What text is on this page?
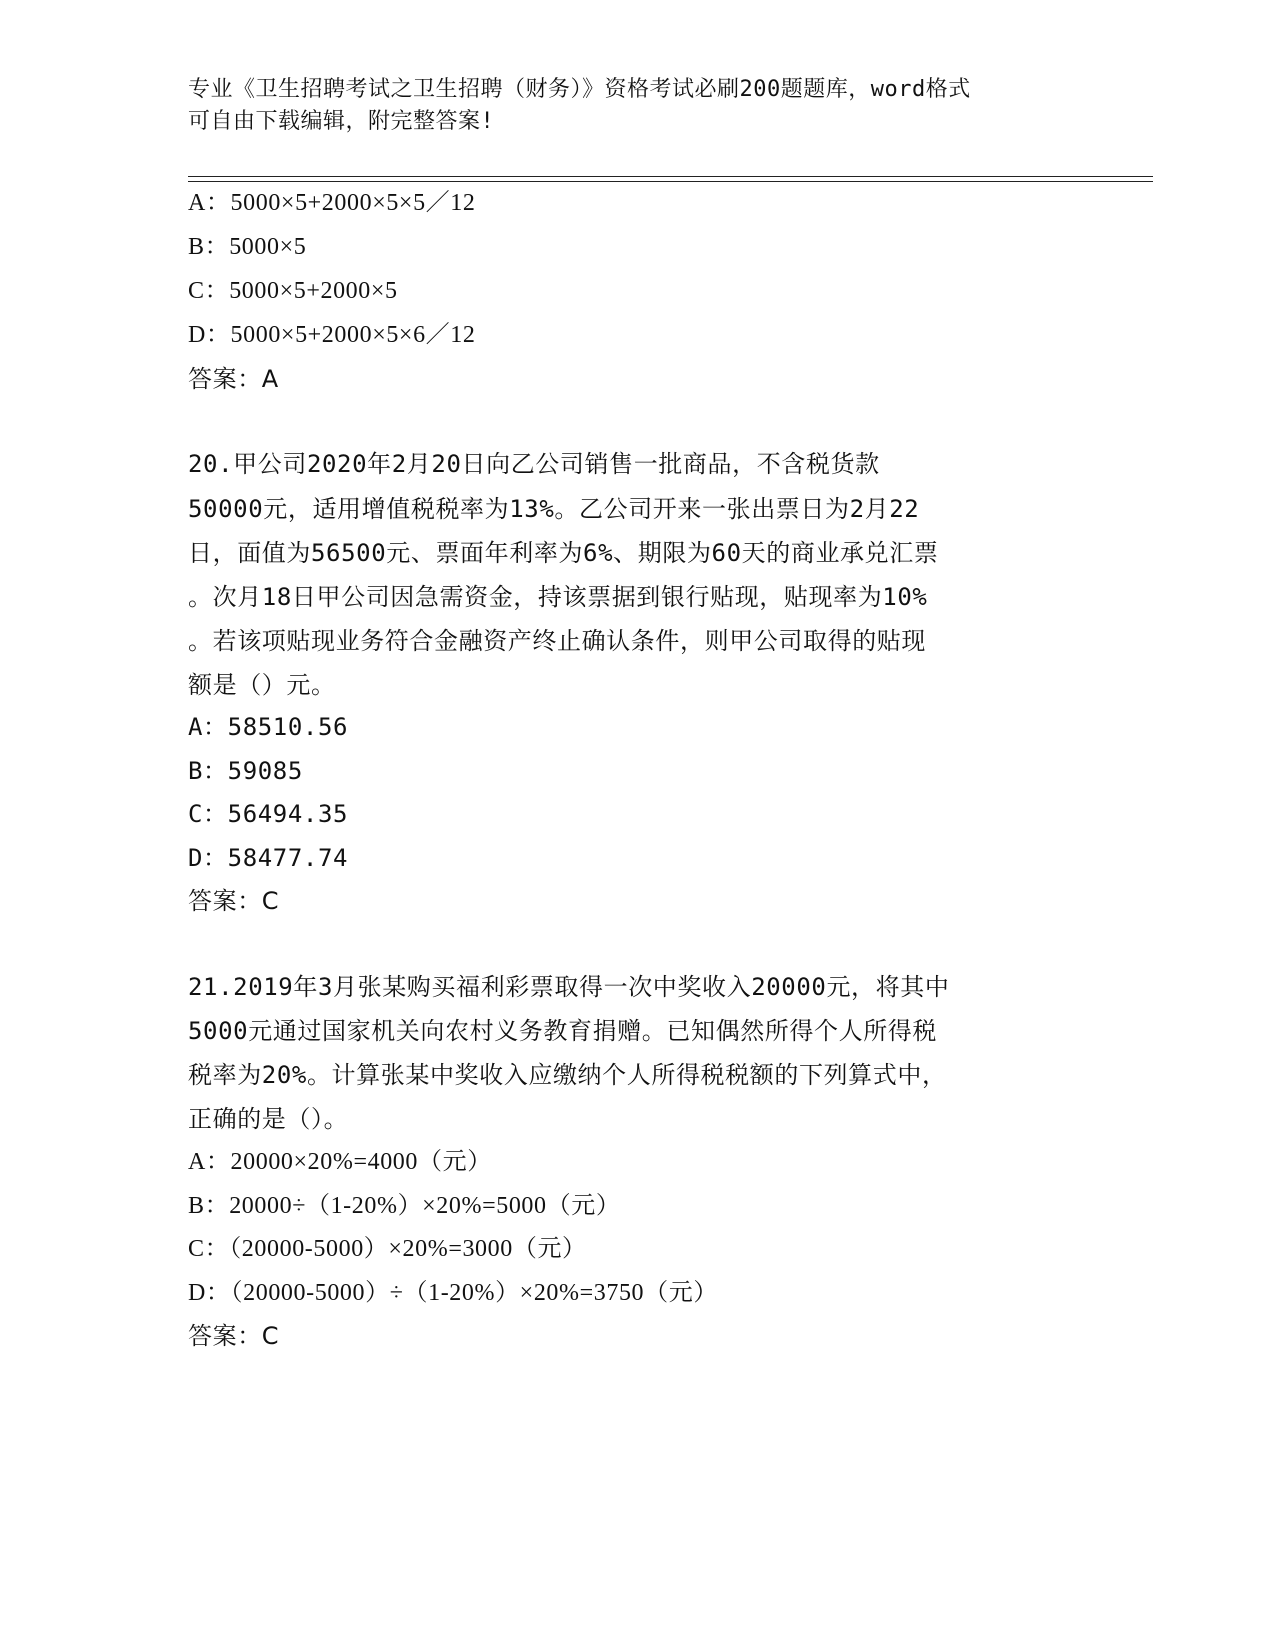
专业《卫生招聘考试之卫生招聘（财务）》资格考试必刷200题题库，word格式
可自由下载编辑，附完整答案!
A：5000×5+2000×5×5／12
B：5000×5
C：5000×5+2000×5
D：5000×5+2000×5×6／12
答案：A
20.甲公司2020年2月20日向乙公司销售一批商品，不含税货款
50000元，适用增值税税率为13%。乙公司开来一张出票日为2月22
日，面值为56500元、票面年利率为6%、期限为60天的商业承兑汇票
。次月18日甲公司因急需资金，持该票据到银行贴现，贴现率为10%
。若该项贴现业务符合金融资产终止确认条件，则甲公司取得的贴现
额是（）元。
A：58510.56
B：59085
C：56494.35
D：58477.74
答案：C
21.2019年3月张某购买福利彩票取得一次中奖收入20000元，将其中
5000元通过国家机关向农村义务教育捐赠。已知偶然所得个人所得税
税率为20%。计算张某中奖收入应缴纳个人所得税税额的下列算式中，
正确的是（）。
A：20000×20%=4000（元）
B：20000÷（1-20%）×20%=5000（元）
C：（20000-5000）×20%=3000（元）
D：（20000-5000）÷（1-20%）×20%=3750（元）
答案：C
